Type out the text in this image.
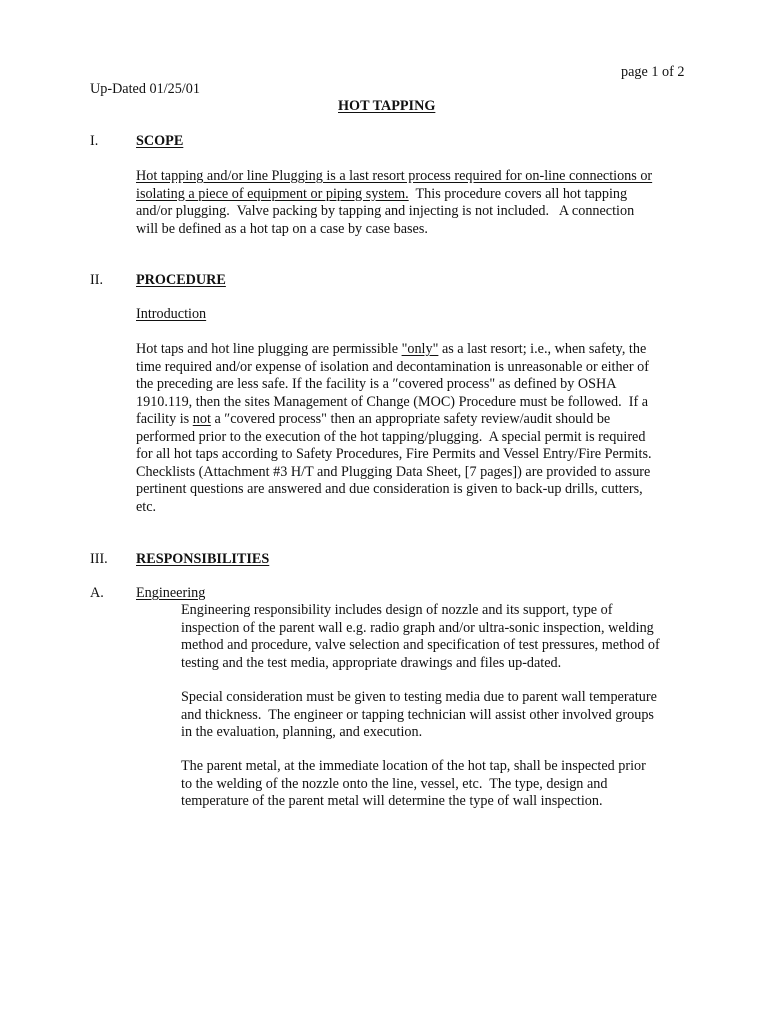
page 1 of 2
Up-Dated 01/25/01
HOT TAPPING
I.	SCOPE
Hot tapping and/or line Plugging is a last resort process required for on-line connections or
isolating a piece of equipment or piping system.  This procedure covers all hot tapping
and/or plugging.  Valve packing by tapping and injecting is not included.   A connection
will be defined as a hot tap on a case by case bases.
II. PROCEDURE
Introduction
Hot taps and hot line plugging are permissible "only" as a last resort; i.e., when safety, the
time required and/or expense of isolation and decontamination is unreasonable or either of
the preceding are less safe. If the facility is a ″covered process" as defined by OSHA
1910.119, then the sites Management of Change (MOC) Procedure must be followed.  If a
facility is not a ″covered process" then an appropriate safety review/audit should be
performed prior to the execution of the hot tapping/plugging.  A special permit is required
for all hot taps according to Safety Procedures, Fire Permits and Vessel Entry/Fire Permits.
Checklists (Attachment #3 H/T and Plugging Data Sheet, [7 pages]) are provided to assure
pertinent questions are answered and due consideration is given to back-up drills, cutters,
etc.
III. RESPONSIBILITIES
A. Engineering
Engineering responsibility includes design of nozzle and its support, type of
inspection of the parent wall e.g. radio graph and/or ultra-sonic inspection, welding
method and procedure, valve selection and specification of test pressures, method of
testing and the test media, appropriate drawings and files up-dated.
Special consideration must be given to testing media due to parent wall temperature
and thickness.  The engineer or tapping technician will assist other involved groups
in the evaluation, planning, and execution.
The parent metal, at the immediate location of the hot tap, shall be inspected prior
to the welding of the nozzle onto the line, vessel, etc.  The type, design and
temperature of the parent metal will determine the type of wall inspection.
